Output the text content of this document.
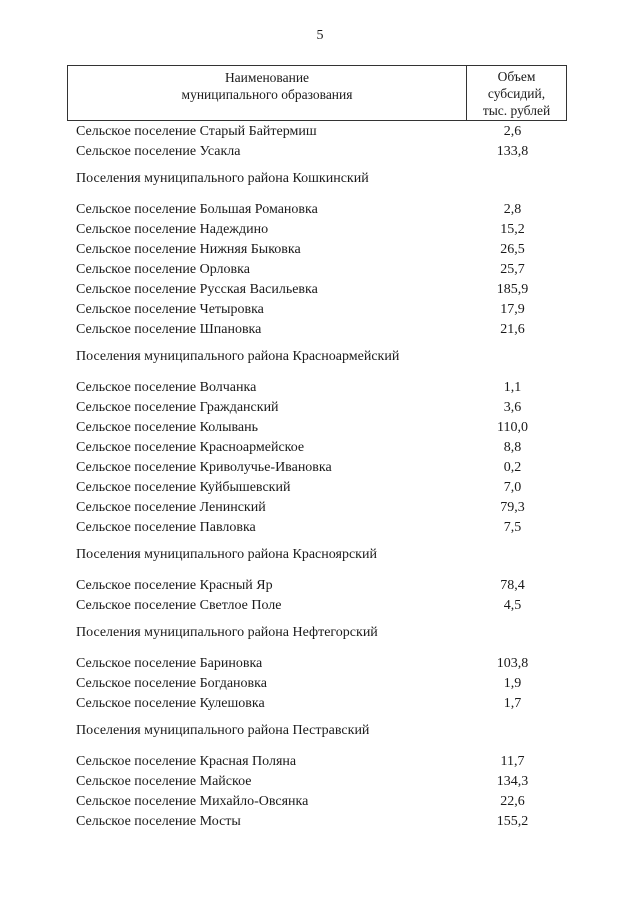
5
Наименование
муниципального образования
Объем
субсидий,
тыс. рублей
Сельское поселение Старый Байтермиш	2,6
Сельское поселение Усакла	133,8
Поселения муниципального района Кошкинский
Сельское поселение Большая Романовка	2,8
Сельское поселение Надеждино	15,2
Сельское поселение Нижняя Быковка	26,5
Сельское поселение Орловка	25,7
Сельское поселение Русская Васильевка	185,9
Сельское поселение Четыровка	17,9
Сельское поселение Шпановка	21,6
Поселения муниципального района Красноармейский
Сельское поселение Волчанка	1,1
Сельское поселение Гражданский	3,6
Сельское поселение Колывань	110,0
Сельское поселение Красноармейское	8,8
Сельское поселение Криволучье-Ивановка	0,2
Сельское поселение Куйбышевский	7,0
Сельское поселение Ленинский	79,3
Сельское поселение Павловка	7,5
Поселения муниципального района Красноярский
Сельское поселение Красный Яр	78,4
Сельское поселение Светлое Поле	4,5
Поселения муниципального района Нефтегорский
Сельское поселение Бариновка	103,8
Сельское поселение Богдановка	1,9
Сельское поселение Кулешовка	1,7
Поселения муниципального района Пестравский
Сельское поселение Красная Поляна	11,7
Сельское поселение Майское	134,3
Сельское поселение Михайло-Овсянка	22,6
Сельское поселение Мосты	155,2
